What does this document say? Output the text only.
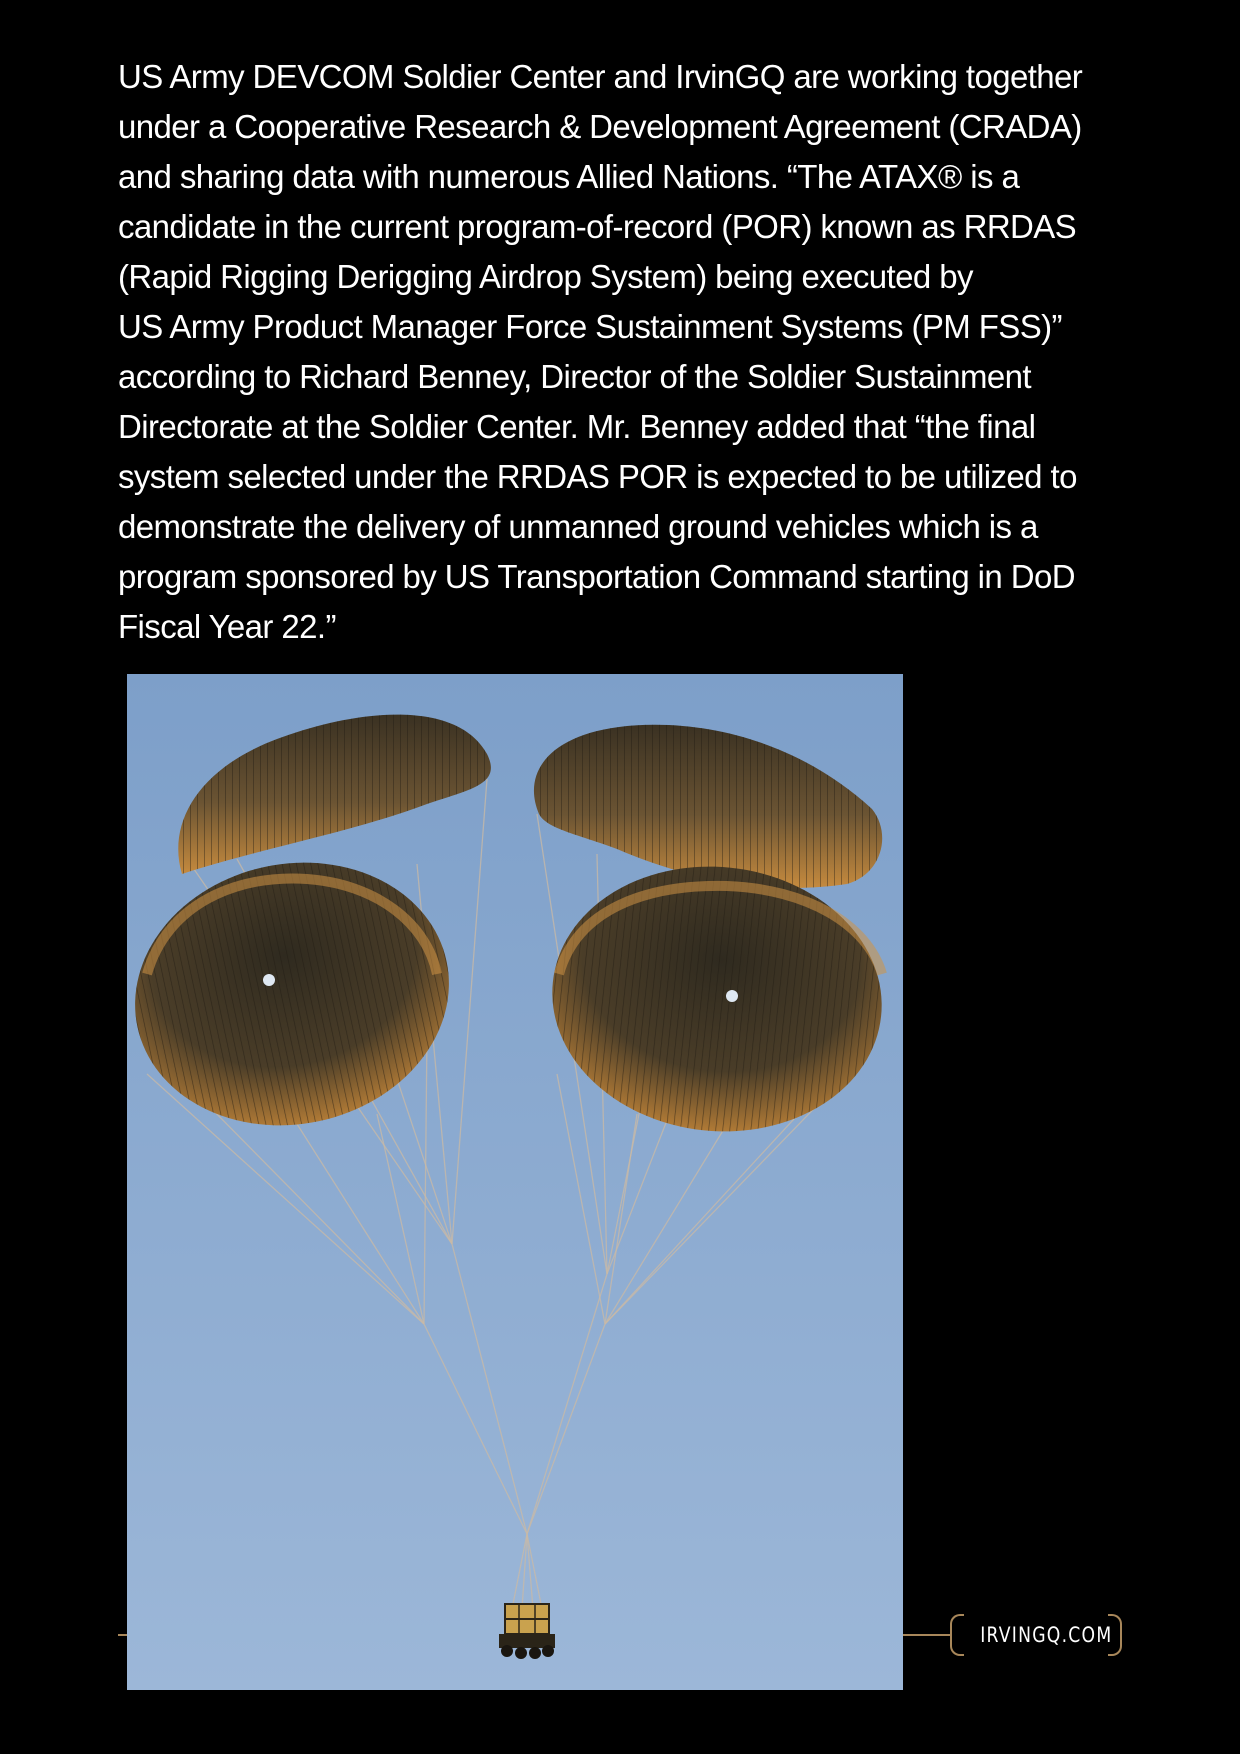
US Army DEVCOM Soldier Center and IrvinGQ are working together
under a Cooperative Research & Development Agreement (CRADA)
and sharing data with numerous Allied Nations. “The ATAX® is a
candidate in the current program-of-record (POR) known as RRDAS
(Rapid Rigging Derigging Airdrop System) being executed by
US Army Product Manager Force Sustainment Systems (PM FSS)”
according to Richard Benney, Director of the Soldier Sustainment
Directorate at the Soldier Center. Mr. Benney added that “the final
system selected under the RRDAS POR is expected to be utilized to
demonstrate the delivery of unmanned ground vehicles which is a
program sponsored by US Transportation Command starting in DoD
Fiscal Year 22.”
IRVINGQ.COM
